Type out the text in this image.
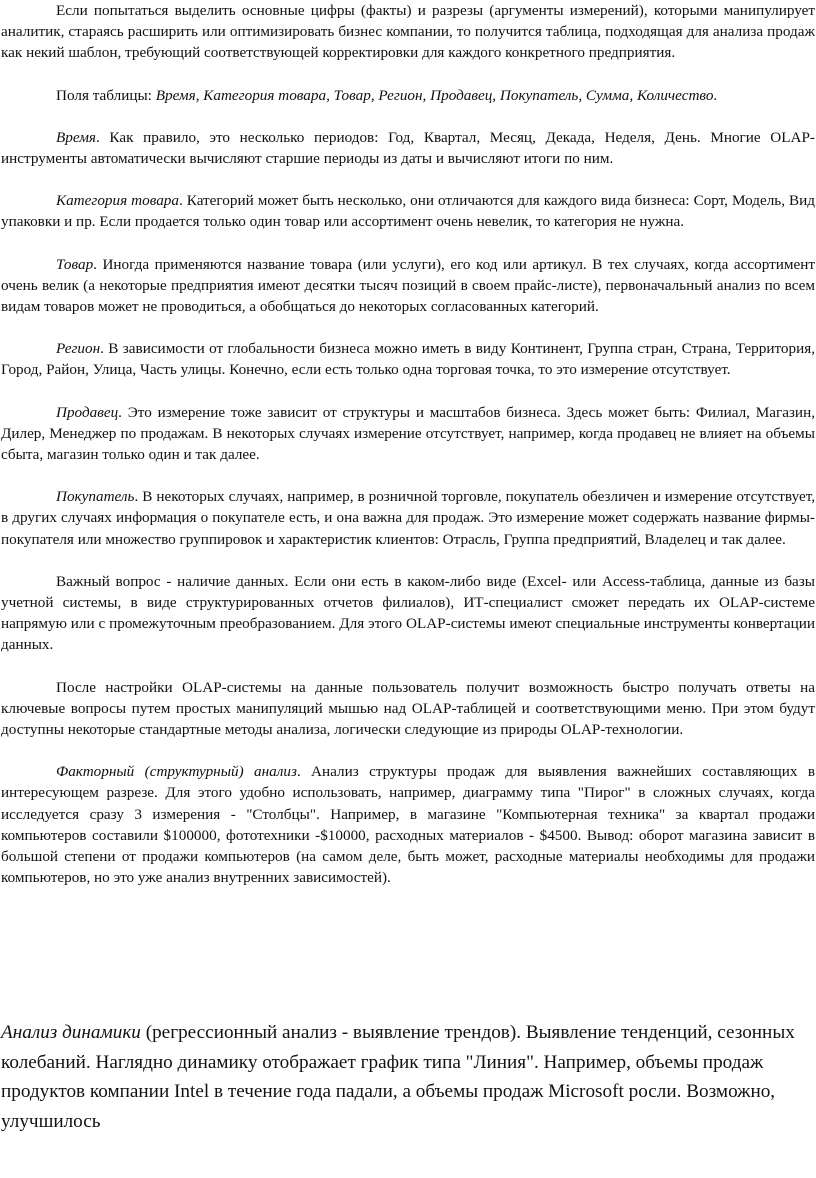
Если попытаться выделить основные цифры (факты) и разрезы (аргументы измерений), которыми манипулирует аналитик, стараясь расширить или оптимизировать бизнес компании, то получится таблица, подходящая для анализа продаж как некий шаблон, требующий соответствующей корректировки для каждого конкретного предприятия.

Поля таблицы: Время, Категория товара, Товар, Регион, Продавец, Покупатель, Сумма, Количество.

Время. Как правило, это несколько периодов: Год, Квартал, Месяц, Декада, Неделя, День. Многие OLAP-инструменты автоматически вычисляют старшие периоды из даты и вычисляют итоги по ним.

Категория товара. Категорий может быть несколько, они отличаются для каждого вида бизнеса: Сорт, Модель, Вид упаковки и пр. Если продается только один товар или ассортимент очень невелик, то категория не нужна.

Товар. Иногда применяются название товара (или услуги), его код или артикул. В тех случаях, когда ассортимент очень велик (а некоторые предприятия имеют десятки тысяч позиций в своем прайс-листе), первоначальный анализ по всем видам товаров может не проводиться, а обобщаться до некоторых согласованных категорий.

Регион. В зависимости от глобальности бизнеса можно иметь в виду Континент, Группа стран, Страна, Территория, Город, Район, Улица, Часть улицы. Конечно, если есть только одна торговая точка, то это измерение отсутствует.

Продавец. Это измерение тоже зависит от структуры и масштабов бизнеса. Здесь может быть: Филиал, Магазин, Дилер, Менеджер по продажам. В некоторых случаях измерение отсутствует, например, когда продавец не влияет на объемы сбыта, магазин только один и так далее.

Покупатель. В некоторых случаях, например, в розничной торговле, покупатель обезличен и измерение отсутствует, в других случаях информация о покупателе есть, и она важна для продаж. Это измерение может содержать название фирмы-покупателя или множество группировок и характеристик клиентов: Отрасль, Группа предприятий, Владелец и так далее.

Важный вопрос - наличие данных. Если они есть в каком-либо виде (Excel- или Access-таблица, данные из базы учетной системы, в виде структурированных отчетов филиалов), ИТ-специалист сможет передать их OLAP-системе напрямую или с промежуточным преобразованием. Для этого OLAP-системы имеют специальные инструменты конвертации данных.

После настройки OLAP-системы на данные пользователь получит возможность быстро получать ответы на ключевые вопросы путем простых манипуляций мышью над OLAP-таблицей и соответствующими меню. При этом будут доступны некоторые стандартные методы анализа, логически следующие из природы OLAP-технологии.

Факторный (структурный) анализ. Анализ структуры продаж для выявления важнейших составляющих в интересующем разрезе. Для этого удобно использовать, например, диаграмму типа "Пирог" в сложных случаях, когда исследуется сразу 3 измерения - "Столбцы". Например, в магазине "Компьютерная техника" за квартал продажи компьютеров составили $100000, фототехники -$10000, расходных материалов - $4500. Вывод: оборот магазина зависит в большой степени от продажи компьютеров (на самом деле, быть может, расходные материалы необходимы для продажи компьютеров, но это уже анализ внутренних зависимостей).

Анализ динамики (регрессионный анализ - выявление трендов). Выявление тенденций, сезонных колебаний. Наглядно динамику отображает график типа "Линия". Например, объемы продаж продуктов компании Intel в течение года падали, а объемы продаж Microsoft росли. Возможно, улучшилось
